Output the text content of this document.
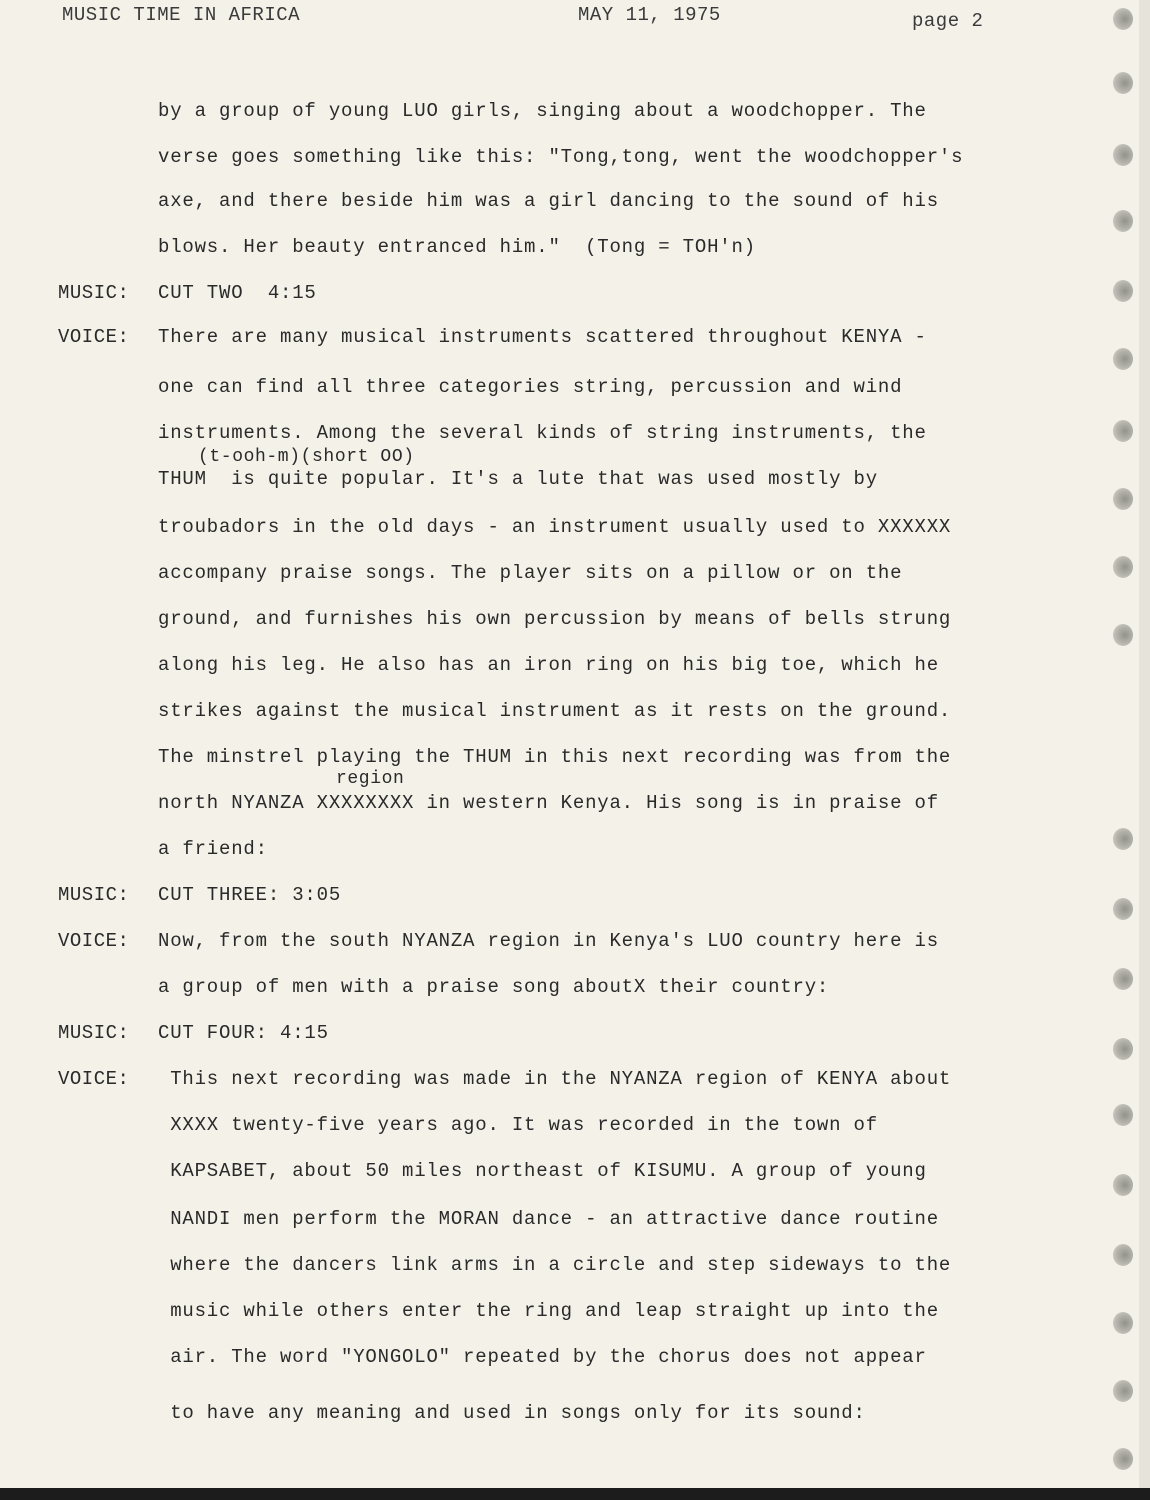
MUSIC TIME IN AFRICA	MAY 11, 1975	page 2
by a group of young LUO girls, singing about a woodchopper. The
verse goes something like this: "Tong,tong, went the woodchopper's
axe, and there beside him was a girl dancing to the sound of his
blows. Her beauty entranced him."  (Tong = TOH'n)
MUSIC: CUT TWO  4:15
VOICE: There are many musical instruments scattered throughout KENYA -
one can find all three categories string, percussion and wind
instruments. Among the several kinds of string instruments, the
THUM  is quite popular. It's a lute that was used mostly by
troubadors in the old days - an instrument usually used to XXXXXX
accompany praise songs. The player sits on a pillow or on the
ground, and furnishes his own percussion by means of bells strung
along his leg. He also has an iron ring on his big toe, which he
strikes against the musical instrument as it rests on the ground.
The minstrel playing the THUM in this next recording was from the
north NYANZA XXXXXXXX in western Kenya. His song is in praise of
a friend:
MUSIC: CUT THREE: 3:05
VOICE: Now, from the south NYANZA region in Kenya's LUO country here is
a group of men with a praise song aboutX their country:
MUSIC: CUT FOUR: 4:15
VOICE: This next recording was made in the NYANZA region of KENYA about
XXXX twenty-five years ago. It was recorded in the town of
KAPSABET, about 50 miles northeast of KISUMU. A group of young
NANDI men perform the MORAN dance - an attractive dance routine
where the dancers link arms in a circle and step sideways to the
music while others enter the ring and leap straight up into the
air. The word "YONGOLO" repeated by the chorus does not appear
to have any meaning and used in songs only for its sound:
(t-ooh-m)(short OO)
region
